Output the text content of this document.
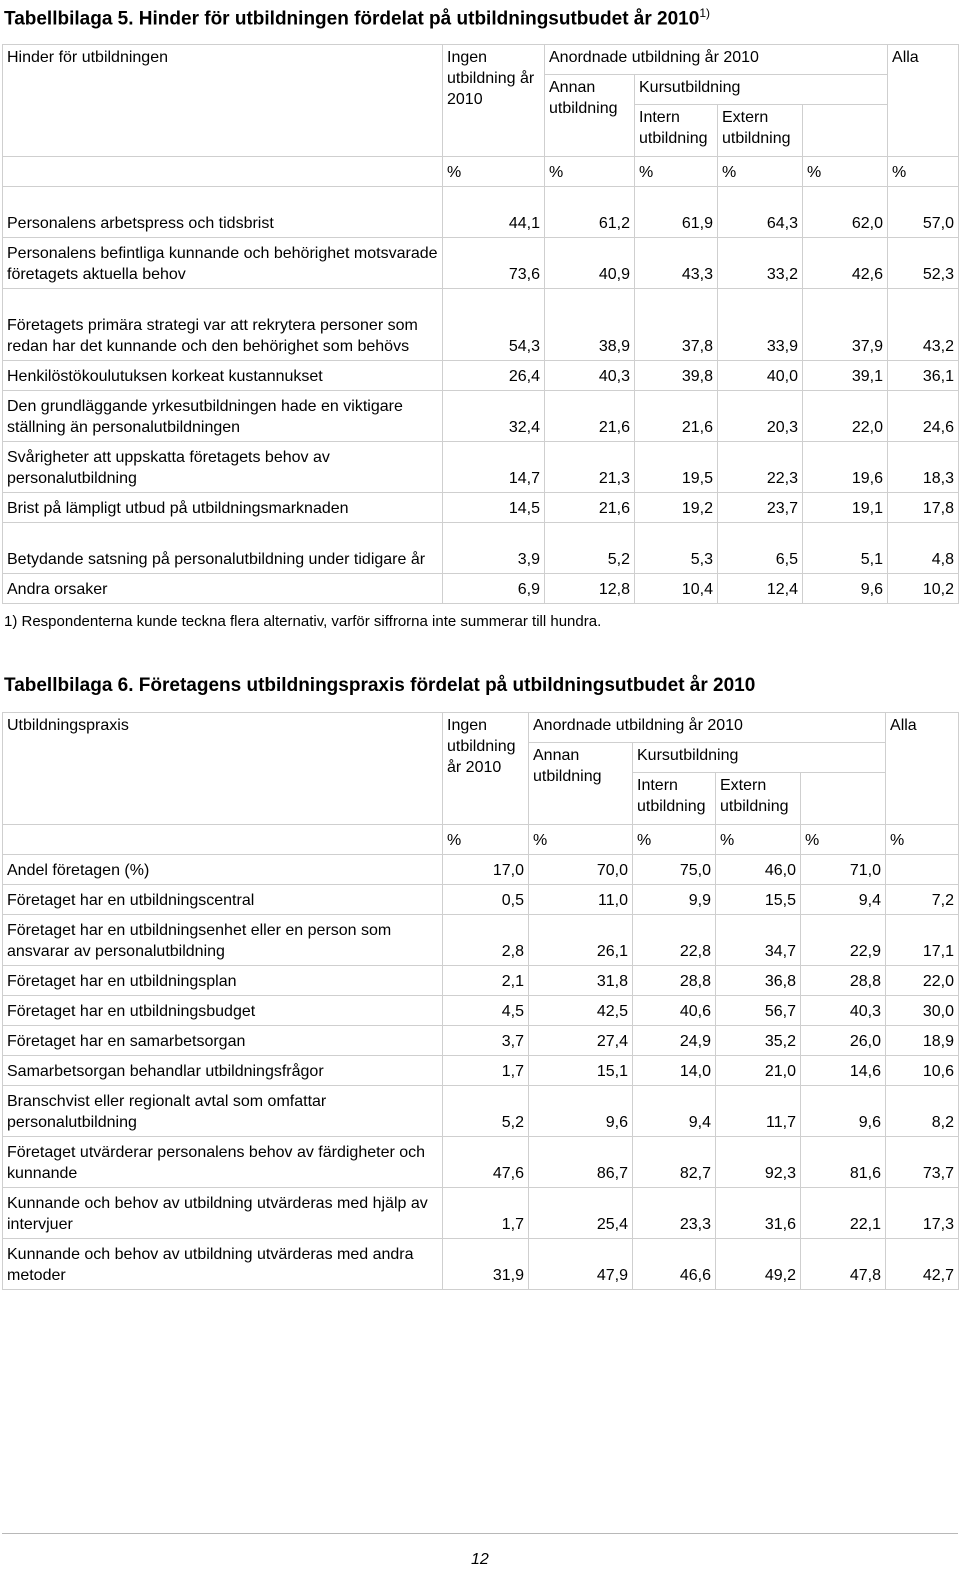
Tabellbilaga 5. Hinder för utbildningen fördelat på utbildningsutbudet år 2010$^{1)}$
Hinder för utbildningen	Ingen utbildning år 2010	Anordnade utbildning år 2010				Alla
		Annan utbildning	Kursutbildning			
			Intern utbildning	Extern utbildning		
	%	%	%	%	%	%
Personalens arbetspress och tidsbrist	44,1	61,2	61,9	64,3	62,0	57,0
Personalens befintliga kunnande och behörighet motsvarade företagets aktuella behov	73,6	40,9	43,3	33,2	42,6	52,3
Företagets primära strategi var att rekrytera personer som redan har det kunnande och den behörighet som behövs	54,3	38,9	37,8	33,9	37,9	43,2
Henkilöstökoulutuksen korkeat kustannukset	26,4	40,3	39,8	40,0	39,1	36,1
Den grundläggande yrkesutbildningen hade en viktigare ställning än personalutbildningen	32,4	21,6	21,6	20,3	22,0	24,6
Svårigheter att uppskatta företagets behov av personalutbildning	14,7	21,3	19,5	22,3	19,6	18,3
Brist på lämpligt utbud på utbildningsmarknaden	14,5	21,6	19,2	23,7	19,1	17,8
Betydande satsning på personalutbildning under tidigare år	3,9	5,2	5,3	6,5	5,1	4,8
Andra orsaker	6,9	12,8	10,4	12,4	9,6	10,2
1) Respondenterna kunde teckna flera alternativ, varför siffrorna inte summerar till hundra.
Tabellbilaga 6. Företagens utbildningspraxis fördelat på utbildningsutbudet år 2010
Utbildningspraxis	Ingen utbildning år 2010	Anordnade utbildning år 2010				Alla
		Annan utbildning	Kursutbildning			
			Intern utbildning	Extern utbildning		
	%	%	%	%	%	%
Andel företagen (%)	17,0	70,0	75,0	46,0	71,0	
Företaget har en utbildningscentral	0,5	11,0	9,9	15,5	9,4	7,2
Företaget har en utbildningsenhet eller en person som ansvarar av personalutbildning	2,8	26,1	22,8	34,7	22,9	17,1
Företaget har en utbildningsplan	2,1	31,8	28,8	36,8	28,8	22,0
Företaget har en utbildningsbudget	4,5	42,5	40,6	56,7	40,3	30,0
Företaget har en samarbetsorgan	3,7	27,4	24,9	35,2	26,0	18,9
Samarbetsorgan behandlar utbildningsfrågor	1,7	15,1	14,0	21,0	14,6	10,6
Branschvist eller regionalt avtal som omfattar personalutbildning	5,2	9,6	9,4	11,7	9,6	8,2
Företaget utvärderar personalens behov av färdigheter och kunnande	47,6	86,7	82,7	92,3	81,6	73,7
Kunnande och behov av utbildning utvärderas med hjälp av intervjuer	1,7	25,4	23,3	31,6	22,1	17,3
Kunnande och behov av utbildning utvärderas med andra metoder	31,9	47,9	46,6	49,2	47,8	42,7
12
